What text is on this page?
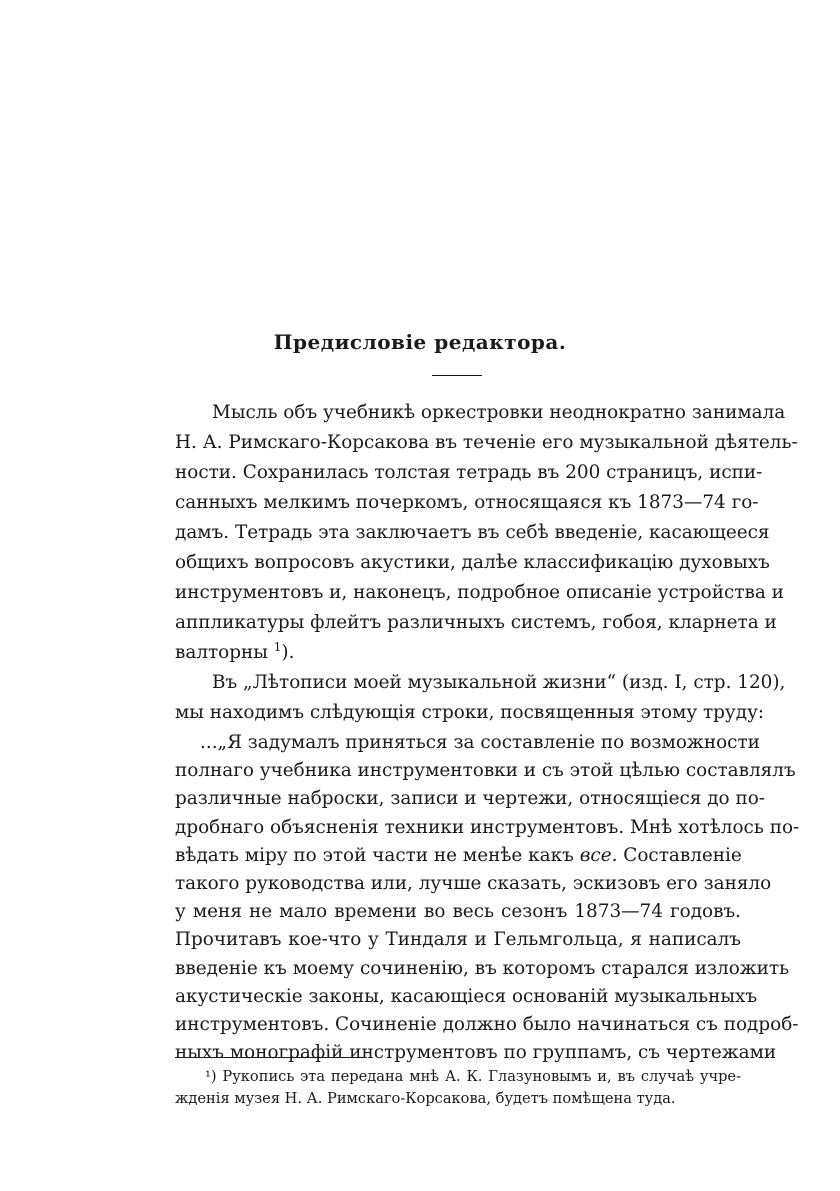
Предисловіе редактора.
Мысль объ учебникѣ оркестровки неоднократно занимала
Н. А. Римскаго-Корсакова въ теченіе его музыкальной дѣятель-
ности. Сохранилась толстая тетрадь въ 200 страницъ, испи-
санныхъ мелкимъ почеркомъ, относящаяся къ 1873—74 го-
дамъ. Тетрадь эта заключаетъ въ себѣ введеніе, касающееся
общихъ вопросовъ акустики, далѣе классификацію духовыхъ
инструментовъ и, наконецъ, подробное описаніе устройства и
аппликатуры флейтъ различныхъ системъ, гобоя, кларнета и
валторны $^1$).
Въ „Лѣтописи моей музыкальной жизни“ (изд. I, стр. 120),
мы находимъ слѣдующія строки, посвященныя этому труду:
...„Я задумалъ приняться за составленіе по возможности
полнаго учебника инструментовки и съ этой цѣлью составлялъ
различные наброски, записи и чертежи, относящіеся до по-
дробнаго объясненія техники инструментовъ. Мнѣ хотѣлось по-
вѣдать міру по этой части не менѣе какъ все. Составленіе
такого руководства или, лучше сказать, эскизовъ его заняло
у меня не мало времени во весь сезонъ 1873—74 годовъ.
Прочитавъ кое-что у Тиндаля и Гельмгольца, я написалъ
введеніе къ моему сочиненію, въ которомъ старался изложить
акустическіе законы, касающіеся основаній музыкальныхъ
инструментовъ. Сочиненіе должно было начинаться съ подроб-
¹) Рукопись эта передана мнѣ А. К. Глазуновымъ и, въ случаѣ учре-
жденія музея Н. А. Римскаго-Корсакова, будетъ помѣщена туда.
ныхъ монографій инструментовъ по группамъ, съ чертежами
